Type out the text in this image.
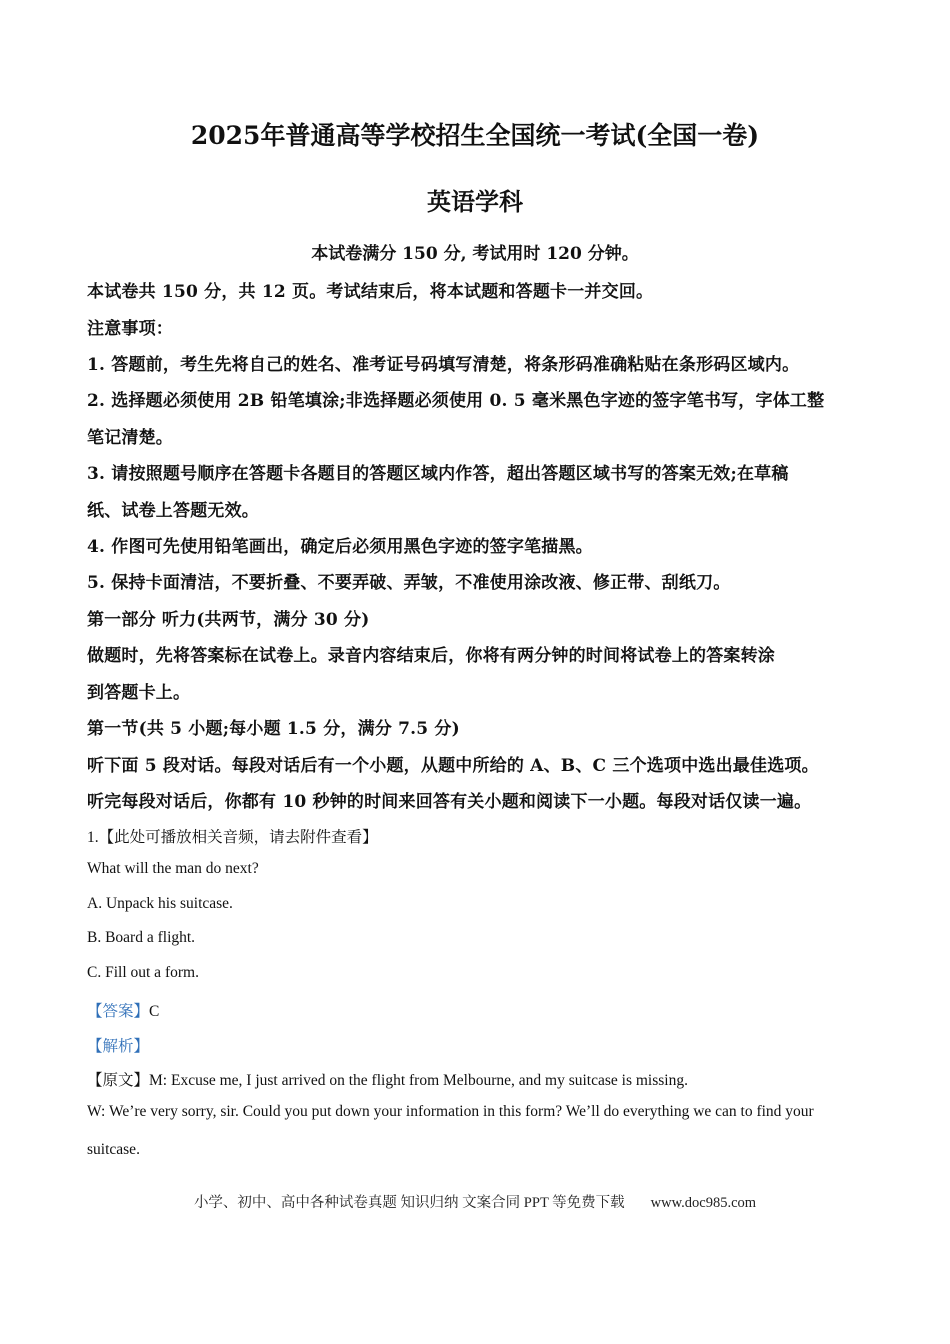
2025年普通高等学校招生全国统一考试(全国一卷)
英语学科
本试卷满分 150 分, 考试用时 120 分钟。
本试卷共 150 分，共 12 页。考试结束后，将本试题和答题卡一并交回。
注意事项：
1. 答题前，考生先将自己的姓名、准考证号码填写清楚，将条形码准确粘贴在条形码区域内。
2. 选择题必须使用 2B 铅笔填涂;非选择题必须使用 0. 5 毫米黑色字迹的签字笔书写，字体工整
笔记清楚。
3. 请按照题号顺序在答题卡各题目的答题区域内作答，超出答题区域书写的答案无效;在草稿
纸、试卷上答题无效。
4. 作图可先使用铅笔画出，确定后必须用黑色字迹的签字笔描黑。
5. 保持卡面清洁，不要折叠、不要弄破、弄皱，不准使用涂改液、修正带、刮纸刀。
第一部分 听力(共两节，满分 30 分)
做题时，先将答案标在试卷上。录音内容结束后，你将有两分钟的时间将试卷上的答案转涂
到答题卡上。
第一节(共 5 小题;每小题 1.5 分，满分 7.5 分)
听下面 5 段对话。每段对话后有一个小题，从题中所给的 A、B、C 三个选项中选出最佳选项。
听完每段对话后，你都有 10 秒钟的时间来回答有关小题和阅读下一小题。每段对话仅读一遍。
1.【此处可播放相关音频，请去附件查看】
What will the man do next?
A. Unpack his suitcase.
B. Board a flight.
C. Fill out a form.
【答案】C
【解析】
【原文】M: Excuse me, I just arrived on the flight from Melbourne, and my suitcase is missing.
W: We’re very sorry, sir. Could you put down your information in this form? We’ll do everything we can to find your
suitcase.
小学、初中、高中各种试卷真题 知识归纳 文案合同 PPT 等免费下载 www.doc985.com
